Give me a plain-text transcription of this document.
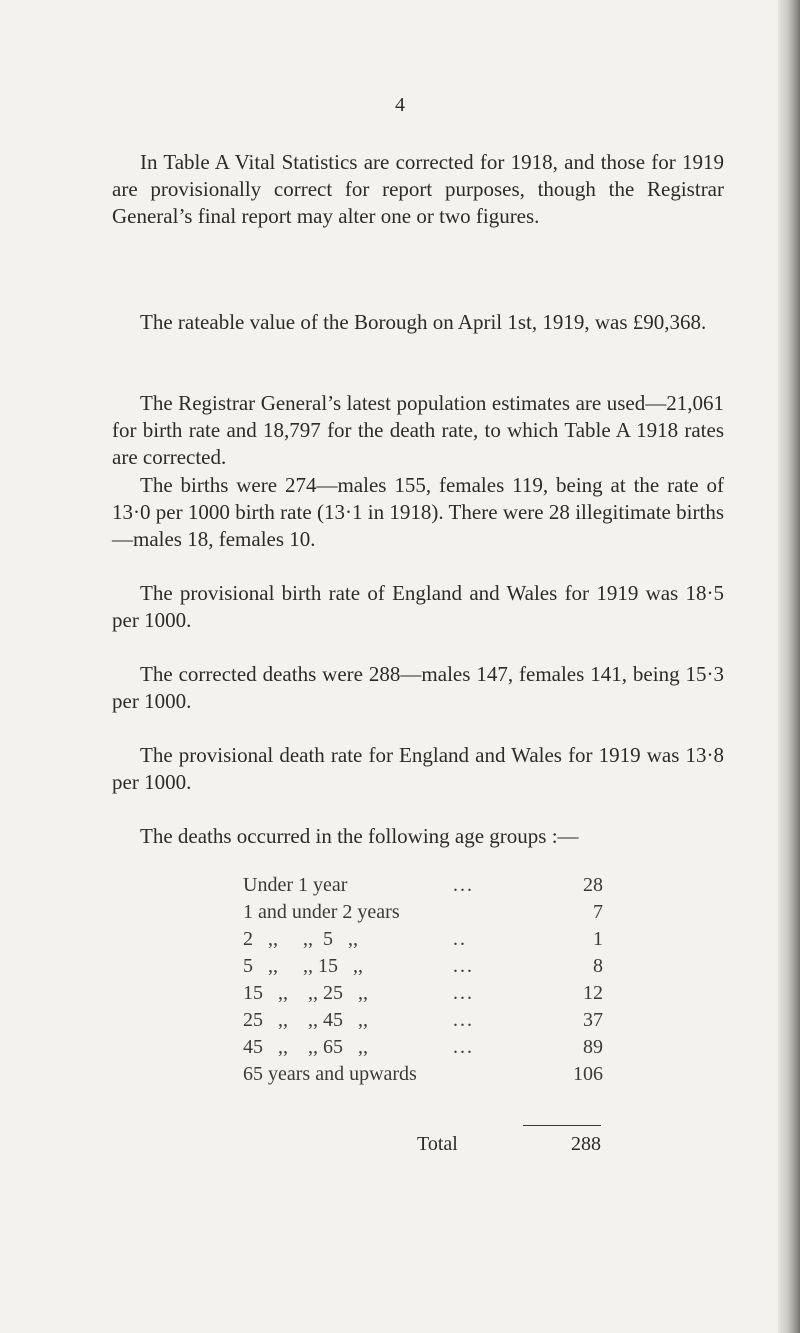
4

In Table A Vital Statistics are corrected for 1918, and those for 1919 are provisionally correct for report purposes, though the Registrar General’s final report may alter one or two figures.

The rateable value of the Borough on April 1st, 1919, was £90,368.

The Registrar General’s latest population estimates are used—21,061 for birth rate and 18,797 for the death rate, to which Table A 1918 rates are corrected.

The births were 274—males 155, females 119, being at the rate of 13·0 per 1000 birth rate (13·1 in 1918). There were 28 illegitimate births—males 18, females 10.

The provisional birth rate of England and Wales for 1919 was 18·5 per 1000.

The corrected deaths were 288—males 147, females 141, being 15·3 per 1000.

The provisional death rate for England and Wales for 1919 was 13·8 per 1000.

The deaths occurred in the following age groups :—

Under 1 year	...	28
1 and under 2 years	7
2   ,,     ,,  5   ,,	..	1
5   ,,     ,, 15   ,,	...	8
15   ,,    ,, 25   ,,	...	12
25   ,,    ,, 45   ,,	...	37
45   ,,    ,, 65   ,,	...	89
65 years and upwards	106
Total	288
